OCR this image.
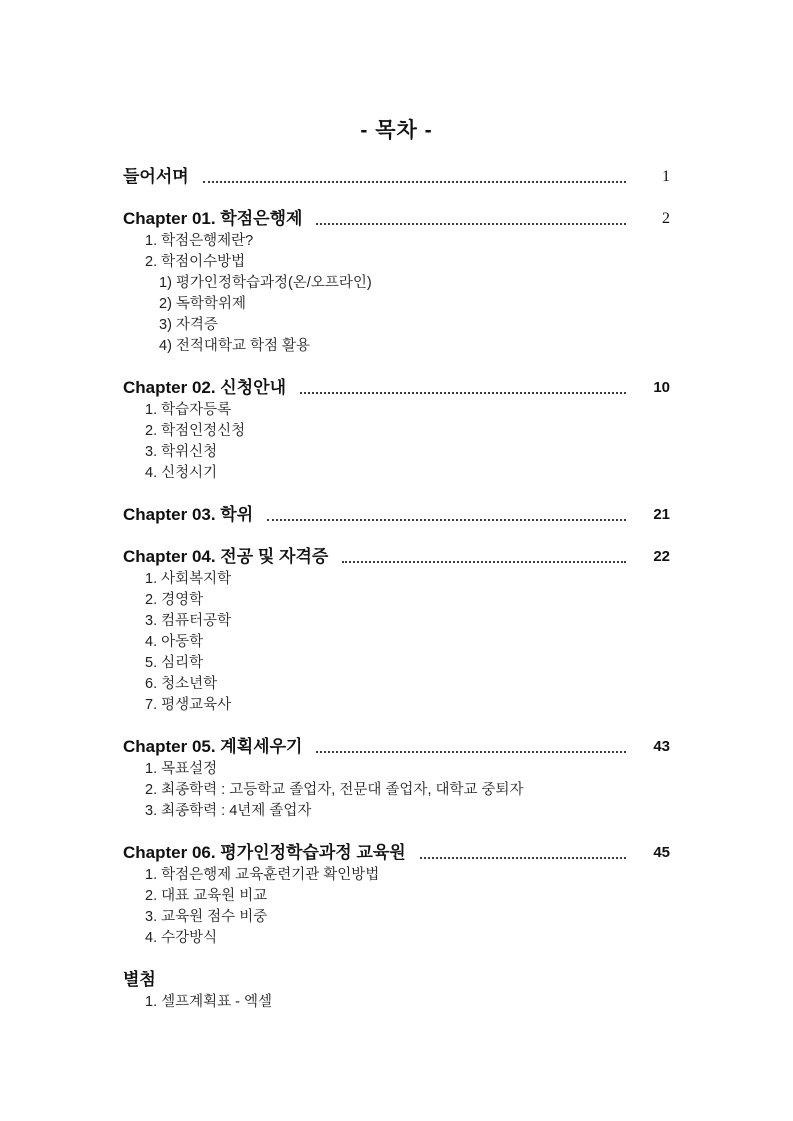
- 목차 -
들어서며	1
Chapter 01. 학점은행제	2
1. 학점은행제란?
2. 학점이수방법
1) 평가인정학습과정(온/오프라인)
2) 독학학위제
3) 자격증
4) 전적대학교 학점 활용
Chapter 02. 신청안내	10
1. 학습자등록
2. 학점인정신청
3. 학위신청
4. 신청시기
Chapter 03. 학위	21
Chapter 04. 전공 및 자격증	22
1. 사회복지학
2. 경영학
3. 컴퓨터공학
4. 아동학
5. 심리학
6. 청소년학
7. 평생교육사
Chapter 05. 계획세우기	43
1. 목표설정
2. 최종학력 : 고등학교 졸업자, 전문대 졸업자, 대학교 중퇴자
3. 최종학력 : 4년제 졸업자
Chapter 06. 평가인정학습과정 교육원	45
1. 학점은행제 교육훈련기관 확인방법
2. 대표 교육원 비교
3. 교육원 점수 비중
4. 수강방식
별첨
1. 셀프계획표 - 엑셀
